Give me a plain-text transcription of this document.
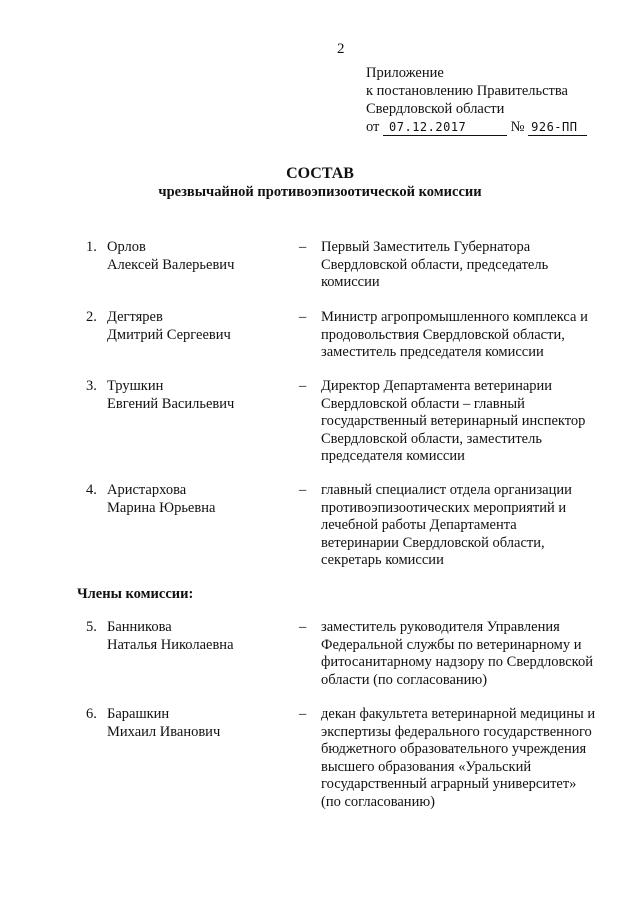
2
Приложение
к постановлению Правительства
Свердловской области
от 07.12.2017	№ 926-ПП
СОСТАВ
чрезвычайной противоэпизоотической комиссии
1. Орлов
Алексей Валерьевич
– Первый Заместитель Губернатора
Свердловской области, председатель
комиссии
2. Дегтярев
Дмитрий Сергеевич
– Министр агропромышленного комплекса и
продовольствия Свердловской области,
заместитель председателя комиссии
3. Трушкин
Евгений Васильевич
– Директор Департамента ветеринарии
Свердловской области – главный
государственный ветеринарный инспектор
Свердловской области, заместитель
председателя комиссии
4. Аристархова
Марина Юрьевна
– главный специалист отдела организации
противоэпизоотических мероприятий и
лечебной работы Департамента
ветеринарии Свердловской области,
секретарь комиссии
Члены комиссии:
5. Банникова
Наталья Николаевна
– заместитель руководителя Управления
Федеральной службы по ветеринарному и
фитосанитарному надзору по Свердловской
области (по согласованию)
6. Барашкин
Михаил Иванович
– декан факультета ветеринарной медицины и
экспертизы федерального государственного
бюджетного образовательного учреждения
высшего образования «Уральский
государственный аграрный университет»
(по согласованию)
